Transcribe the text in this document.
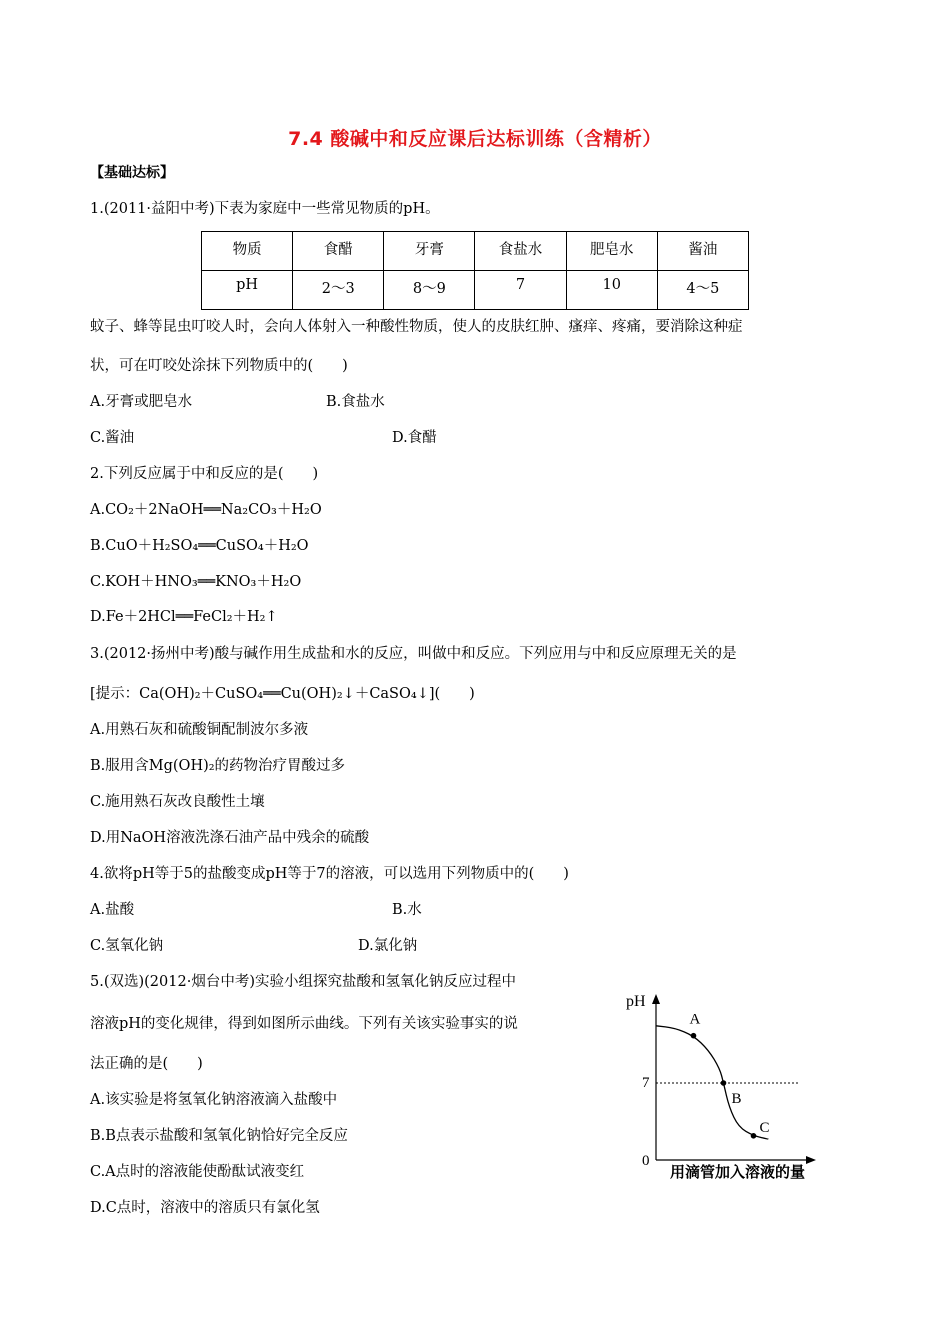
7.4 酸碱中和反应课后达标训练（含精析）
【基础达标】
1.(2011·益阳中考)下表为家庭中一些常见物质的pH。
物质	食醋	牙膏	食盐水	肥皂水	酱油
pH	2～3	8～9	7	10	4～5
蚊子、蜂等昆虫叮咬人时，会向人体射入一种酸性物质，使人的皮肤红肿、瘙痒、疼痛，要消除这种症
状，可在叮咬处涂抹下列物质中的(　　)
A.牙膏或肥皂水	B.食盐水
C.酱油	D.食醋
2.下列反应属于中和反应的是(　　)
A.CO₂＋2NaOH══Na₂CO₃＋H₂O
B.CuO＋H₂SO₄══CuSO₄＋H₂O
C.KOH＋HNO₃══KNO₃＋H₂O
D.Fe＋2HCl══FeCl₂＋H₂↑
3.(2012·扬州中考)酸与碱作用生成盐和水的反应，叫做中和反应。下列应用与中和反应原理无关的是
[提示：Ca(OH)₂＋CuSO₄══Cu(OH)₂↓＋CaSO₄↓](　　)
A.用熟石灰和硫酸铜配制波尔多液
B.服用含Mg(OH)₂的药物治疗胃酸过多
C.施用熟石灰改良酸性土壤
D.用NaOH溶液洗涤石油产品中残余的硫酸
4.欲将pH等于5的盐酸变成pH等于7的溶液，可以选用下列物质中的(　　)
A.盐酸	B.水
C.氢氧化钠	D.氯化钠
5.(双选)(2012·烟台中考)实验小组探究盐酸和氢氧化钠反应过程中
溶液pH的变化规律，得到如图所示曲线。下列有关该实验事实的说
法正确的是(　　)
A.该实验是将氢氧化钠溶液滴入盐酸中
B.B点表示盐酸和氢氧化钠恰好完全反应
C.A点时的溶液能使酚酞试液变红
D.C点时，溶液中的溶质只有氯化氢
A
B
C
pH
0
7
用滴管加入溶液的量
